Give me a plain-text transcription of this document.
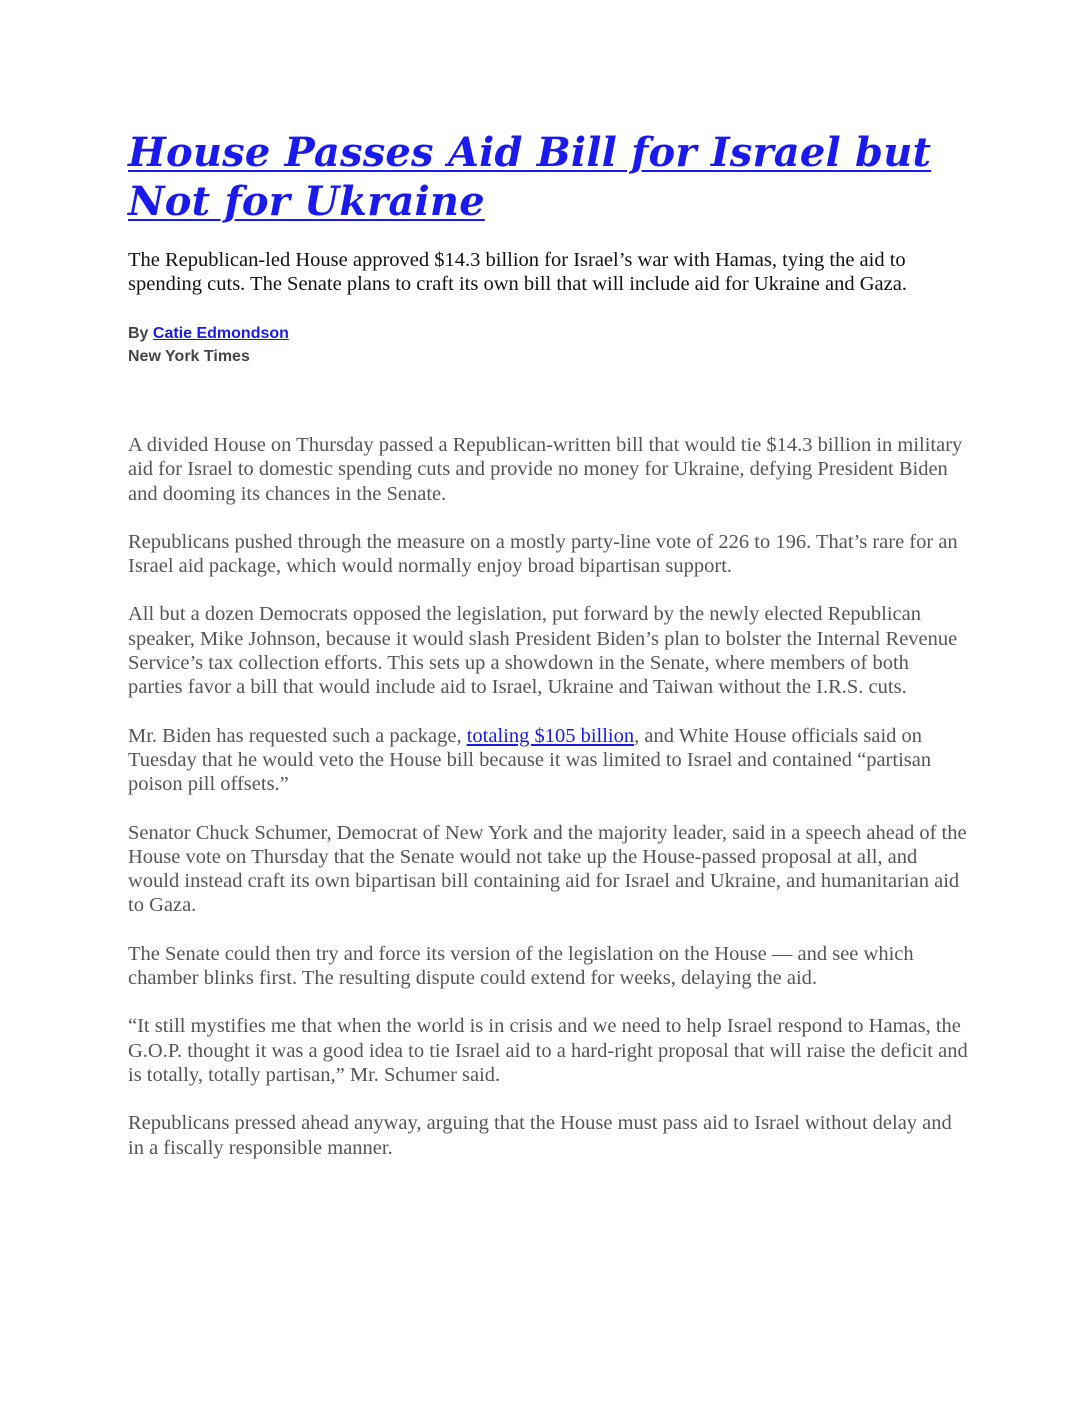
House Passes Aid Bill for Israel but Not for Ukraine

The Republican-led House approved $14.3 billion for Israel’s war with Hamas, tying the aid to spending cuts. The Senate plans to craft its own bill that will include aid for Ukraine and Gaza.

By Catie Edmondson
New York Times

A divided House on Thursday passed a Republican-written bill that would tie $14.3 billion in military aid for Israel to domestic spending cuts and provide no money for Ukraine, defying President Biden and dooming its chances in the Senate.

Republicans pushed through the measure on a mostly party-line vote of 226 to 196. That’s rare for an Israel aid package, which would normally enjoy broad bipartisan support.

All but a dozen Democrats opposed the legislation, put forward by the newly elected Republican speaker, Mike Johnson, because it would slash President Biden’s plan to bolster the Internal Revenue Service’s tax collection efforts. This sets up a showdown in the Senate, where members of both parties favor a bill that would include aid to Israel, Ukraine and Taiwan without the I.R.S. cuts.

Mr. Biden has requested such a package, totaling $105 billion, and White House officials said on Tuesday that he would veto the House bill because it was limited to Israel and contained “partisan poison pill offsets.”

Senator Chuck Schumer, Democrat of New York and the majority leader, said in a speech ahead of the House vote on Thursday that the Senate would not take up the House-passed proposal at all, and would instead craft its own bipartisan bill containing aid for Israel and Ukraine, and humanitarian aid to Gaza.

The Senate could then try and force its version of the legislation on the House — and see which chamber blinks first. The resulting dispute could extend for weeks, delaying the aid.

“It still mystifies me that when the world is in crisis and we need to help Israel respond to Hamas, the G.O.P. thought it was a good idea to tie Israel aid to a hard-right proposal that will raise the deficit and is totally, totally partisan,” Mr. Schumer said.

Republicans pressed ahead anyway, arguing that the House must pass aid to Israel without delay and in a fiscally responsible manner.
